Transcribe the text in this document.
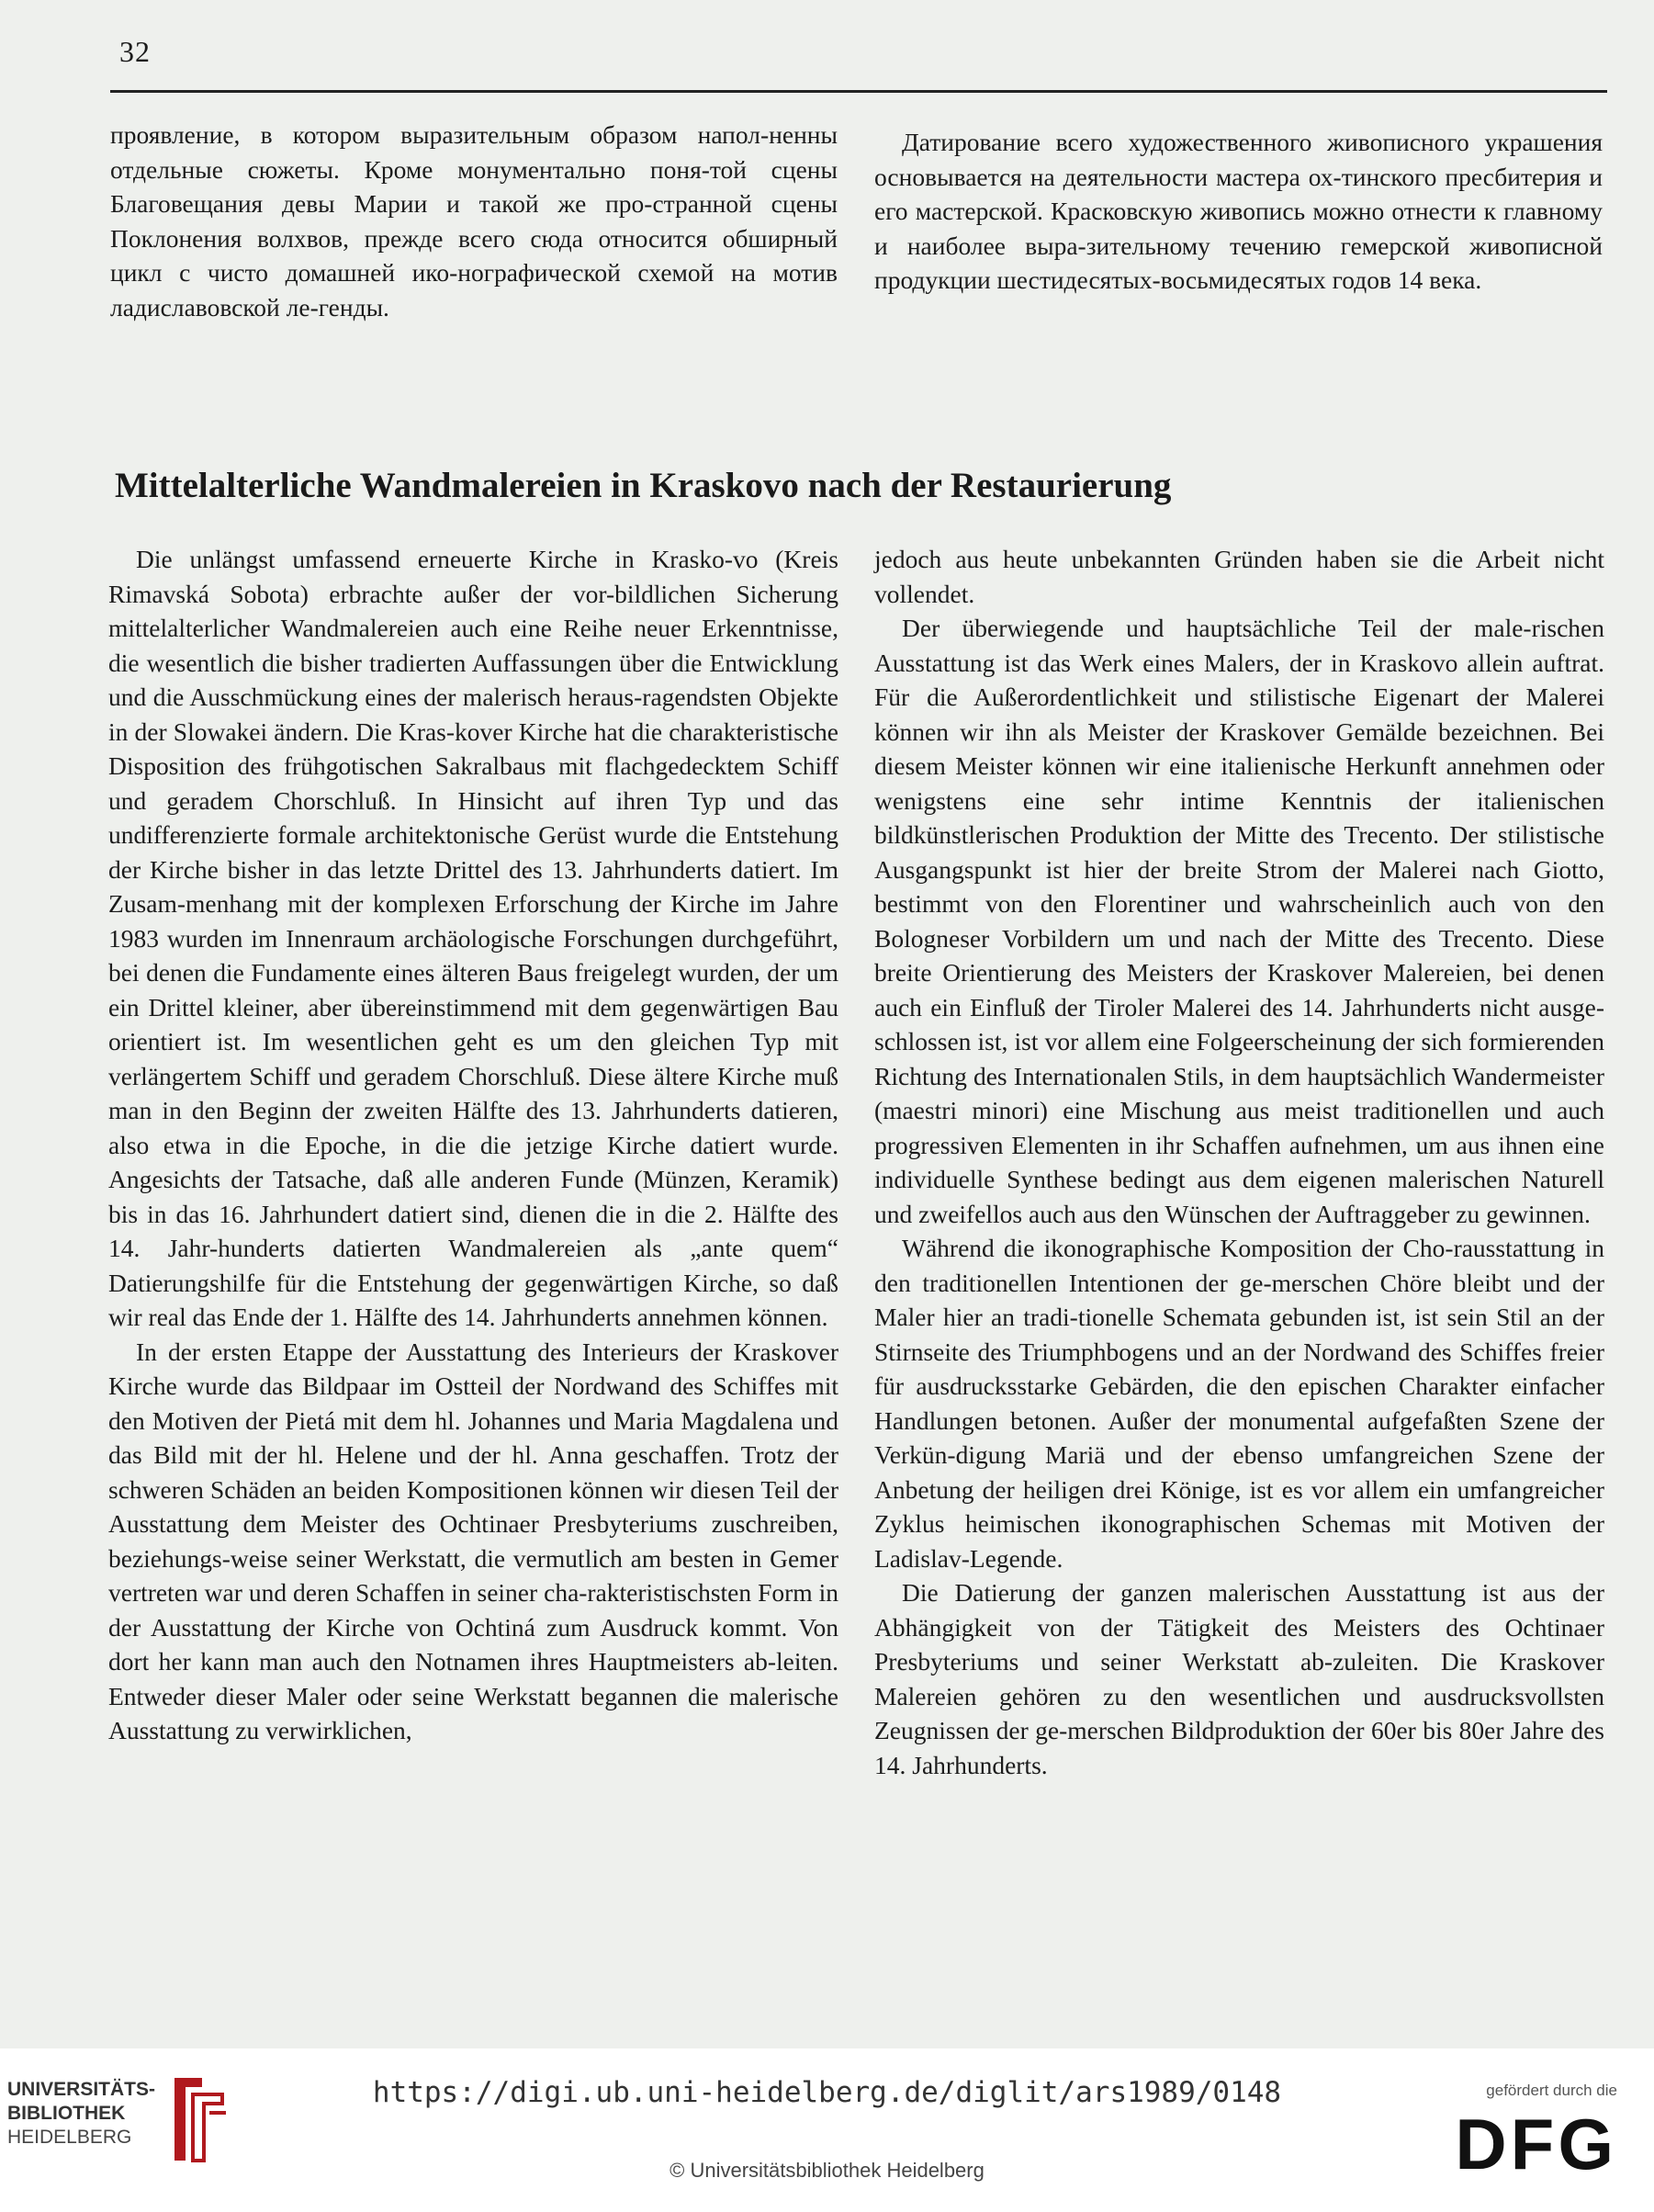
32

проявление, в котором выразительным образом напол-ненны отдельные сюжеты. Кроме монументально поня-той сцены Благовещания девы Марии и такой же про-странной сцены Поклонения волхвов, прежде всего сюда относится обширный цикл с чисто домашней ико-нографической схемой на мотив ладиславовской ле-генды.

Датирование всего художественного живописного украшения основывается на деятельности мастера ох-тинского пресбитерия и его мастерской. Красковскую живопись можно отнести к главному и наиболее выра-зительному течению гемерской живописной продукции шестидесятых-восьмидесятых годов 14 века.

Mittelalterliche Wandmalereien in Kraskovo nach der Restaurierung

Die unlängst umfassend erneuerte Kirche in Krasko-vo (Kreis Rimavská Sobota) erbrachte außer der vor-bildlichen Sicherung mittelalterlicher Wandmalereien auch eine Reihe neuer Erkenntnisse, die wesentlich die bisher tradierten Auffassungen über die Entwicklung und die Ausschmückung eines der malerisch heraus-ragendsten Objekte in der Slowakei ändern. Die Kras-kover Kirche hat die charakteristische Disposition des frühgotischen Sakralbaus mit flachgedecktem Schiff und geradem Chorschluß. In Hinsicht auf ihren Typ und das undifferenzierte formale architektonische Gerüst wurde die Entstehung der Kirche bisher in das letzte Drittel des 13. Jahrhunderts datiert. Im Zusam-menhang mit der komplexen Erforschung der Kirche im Jahre 1983 wurden im Innenraum archäologische Forschungen durchgeführt, bei denen die Fundamente eines älteren Baus freigelegt wurden, der um ein Drittel kleiner, aber übereinstimmend mit dem gegenwärtigen Bau orientiert ist. Im wesentlichen geht es um den gleichen Typ mit verlängertem Schiff und geradem Chorschluß. Diese ältere Kirche muß man in den Beginn der zweiten Hälfte des 13. Jahrhunderts datieren, also etwa in die Epoche, in die die jetzige Kirche datiert wurde. Angesichts der Tatsache, daß alle anderen Funde (Münzen, Keramik) bis in das 16. Jahrhundert datiert sind, dienen die in die 2. Hälfte des 14. Jahr-hunderts datierten Wandmalereien als „ante quem“ Datierungshilfe für die Entstehung der gegenwärtigen Kirche, so daß wir real das Ende der 1. Hälfte des 14. Jahrhunderts annehmen können.

In der ersten Etappe der Ausstattung des Interieurs der Kraskover Kirche wurde das Bildpaar im Ostteil der Nordwand des Schiffes mit den Motiven der Pietá mit dem hl. Johannes und Maria Magdalena und das Bild mit der hl. Helene und der hl. Anna geschaffen. Trotz der schweren Schäden an beiden Kompositionen können wir diesen Teil der Ausstattung dem Meister des Ochtinaer Presbyteriums zuschreiben, beziehungs-weise seiner Werkstatt, die vermutlich am besten in Gemer vertreten war und deren Schaffen in seiner cha-rakteristischsten Form in der Ausstattung der Kirche von Ochtiná zum Ausdruck kommt. Von dort her kann man auch den Notnamen ihres Hauptmeisters ab-leiten. Entweder dieser Maler oder seine Werkstatt begannen die malerische Ausstattung zu verwirklichen,

jedoch aus heute unbekannten Gründen haben sie die Arbeit nicht vollendet.

Der überwiegende und hauptsächliche Teil der male-rischen Ausstattung ist das Werk eines Malers, der in Kraskovo allein auftrat. Für die Außerordentlichkeit und stilistische Eigenart der Malerei können wir ihn als Meister der Kraskover Gemälde bezeichnen. Bei diesem Meister können wir eine italienische Herkunft annehmen oder wenigstens eine sehr intime Kenntnis der italienischen bildkünstlerischen Produktion der Mitte des Trecento. Der stilistische Ausgangspunkt ist hier der breite Strom der Malerei nach Giotto, bestimmt von den Florentiner und wahrscheinlich auch von den Bologneser Vorbildern um und nach der Mitte des Trecento. Diese breite Orientierung des Meisters der Kraskover Malereien, bei denen auch ein Einfluß der Tiroler Malerei des 14. Jahrhunderts nicht ausge-schlossen ist, ist vor allem eine Folgeerscheinung der sich formierenden Richtung des Internationalen Stils, in dem hauptsächlich Wandermeister (maestri minori) eine Mischung aus meist traditionellen und auch progressiven Elementen in ihr Schaffen aufnehmen, um aus ihnen eine individuelle Synthese bedingt aus dem eigenen malerischen Naturell und zweifellos auch aus den Wünschen der Auftraggeber zu gewinnen.

Während die ikonographische Komposition der Cho-rausstattung in den traditionellen Intentionen der ge-merschen Chöre bleibt und der Maler hier an tradi-tionelle Schemata gebunden ist, ist sein Stil an der Stirnseite des Triumphbogens und an der Nordwand des Schiffes freier für ausdrucksstarke Gebärden, die den epischen Charakter einfacher Handlungen betonen. Außer der monumental aufgefaßten Szene der Verkün-digung Mariä und der ebenso umfangreichen Szene der Anbetung der heiligen drei Könige, ist es vor allem ein umfangreicher Zyklus heimischen ikonographischen Schemas mit Motiven der Ladislav-Legende.

Die Datierung der ganzen malerischen Ausstattung ist aus der Abhängigkeit von der Tätigkeit des Meisters des Ochtinaer Presbyteriums und seiner Werkstatt ab-zuleiten. Die Kraskover Malereien gehören zu den wesentlichen und ausdrucksvollsten Zeugnissen der ge-merschen Bildproduktion der 60er bis 80er Jahre des 14. Jahrhunderts.

UNIVERSITÄTS-
BIBLIOTHEK
HEIDELBERG
https://digi.ub.uni-heidelberg.de/diglit/ars1989/0148
© Universitätsbibliothek Heidelberg
gefördert durch die
DFG
